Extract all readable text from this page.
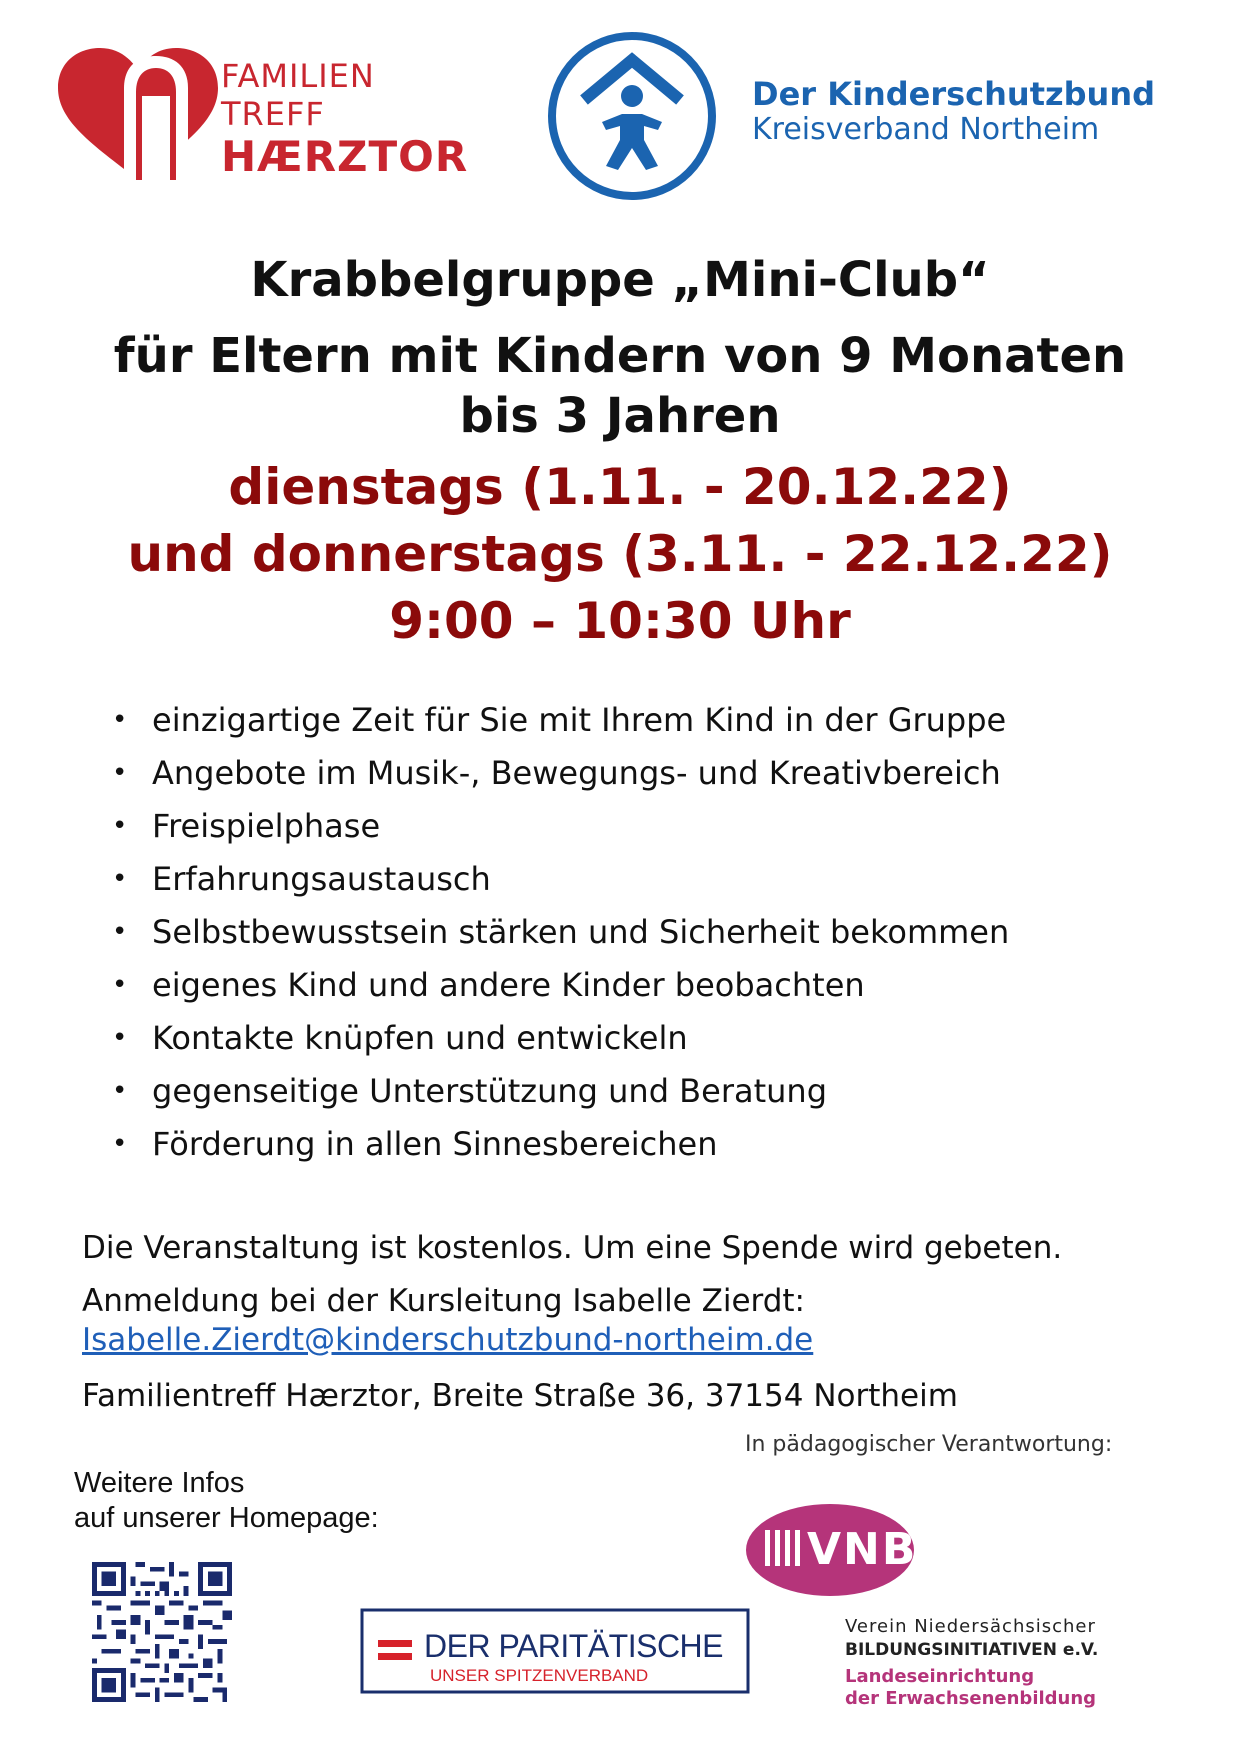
FAMILIEN
TREFF
HÆRZTOR
Der Kinderschutzbund
Kreisverband Northeim
Krabbelgruppe „Mini-Club“
für Eltern mit Kindern von 9 Monaten
bis 3 Jahren
dienstags (1.11. - 20.12.22)
und donnerstags (3.11. - 22.12.22)
9:00 – 10:30 Uhr
• einzigartige Zeit für Sie mit Ihrem Kind in der Gruppe
• Angebote im Musik-, Bewegungs- und Kreativbereich
• Freispielphase
• Erfahrungsaustausch
• Selbstbewusstsein stärken und Sicherheit bekommen
• eigenes Kind und andere Kinder beobachten
• Kontakte knüpfen und entwickeln
• gegenseitige Unterstützung und Beratung
• Förderung in allen Sinnesbereichen
Die Veranstaltung ist kostenlos. Um eine Spende wird gebeten.
Anmeldung bei der Kursleitung Isabelle Zierdt:
Isabelle.Zierdt@kinderschutzbund-northeim.de
Familientreff Hærztor, Breite Straße 36, 37154 Northeim
In pädagogischer Verantwortung:
Weitere Infos
auf unserer Homepage:
DER PARITÄTISCHE
UNSER SPITZENVERBAND
VNB
Verein Niedersächsischer
BILDUNGSINITIATIVEN e.V.
Landeseinrichtung
der Erwachsenenbildung
